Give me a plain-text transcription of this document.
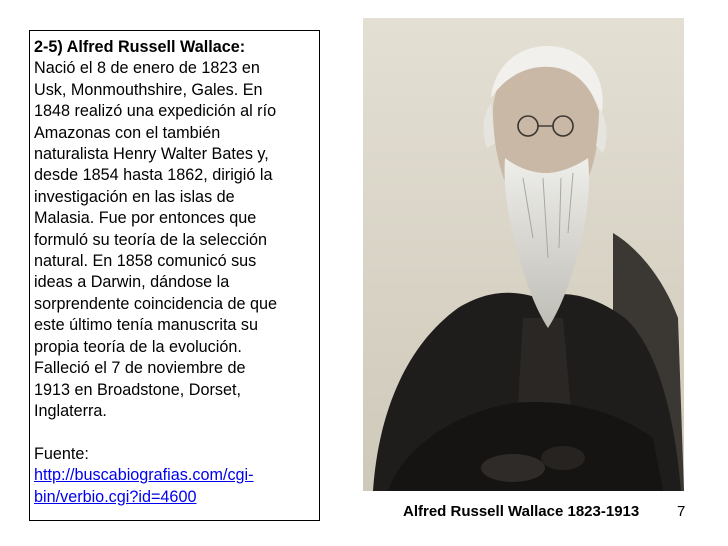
2-5) Alfred Russell Wallace:
Nació el 8 de enero de 1823 en
Usk, Monmouthshire, Gales. En
1848 realizó una expedición al río
Amazonas con el también
naturalista Henry Walter Bates y,
desde 1854 hasta 1862, dirigió la
investigación en las islas de
Malasia. Fue por entonces que
formuló su teoría de la selección
natural. En 1858 comunicó sus
ideas a Darwin, dándose la
sorprendente coincidencia de que
este último tenía manuscrita su
propia teoría de la evolución.
Falleció el 7 de noviembre de
1913 en Broadstone, Dorset,
Inglaterra.
Fuente:
http://buscabiografias.com/cgi-
bin/verbio.cgi?id=4600
Alfred Russell Wallace 1823-1913	7
